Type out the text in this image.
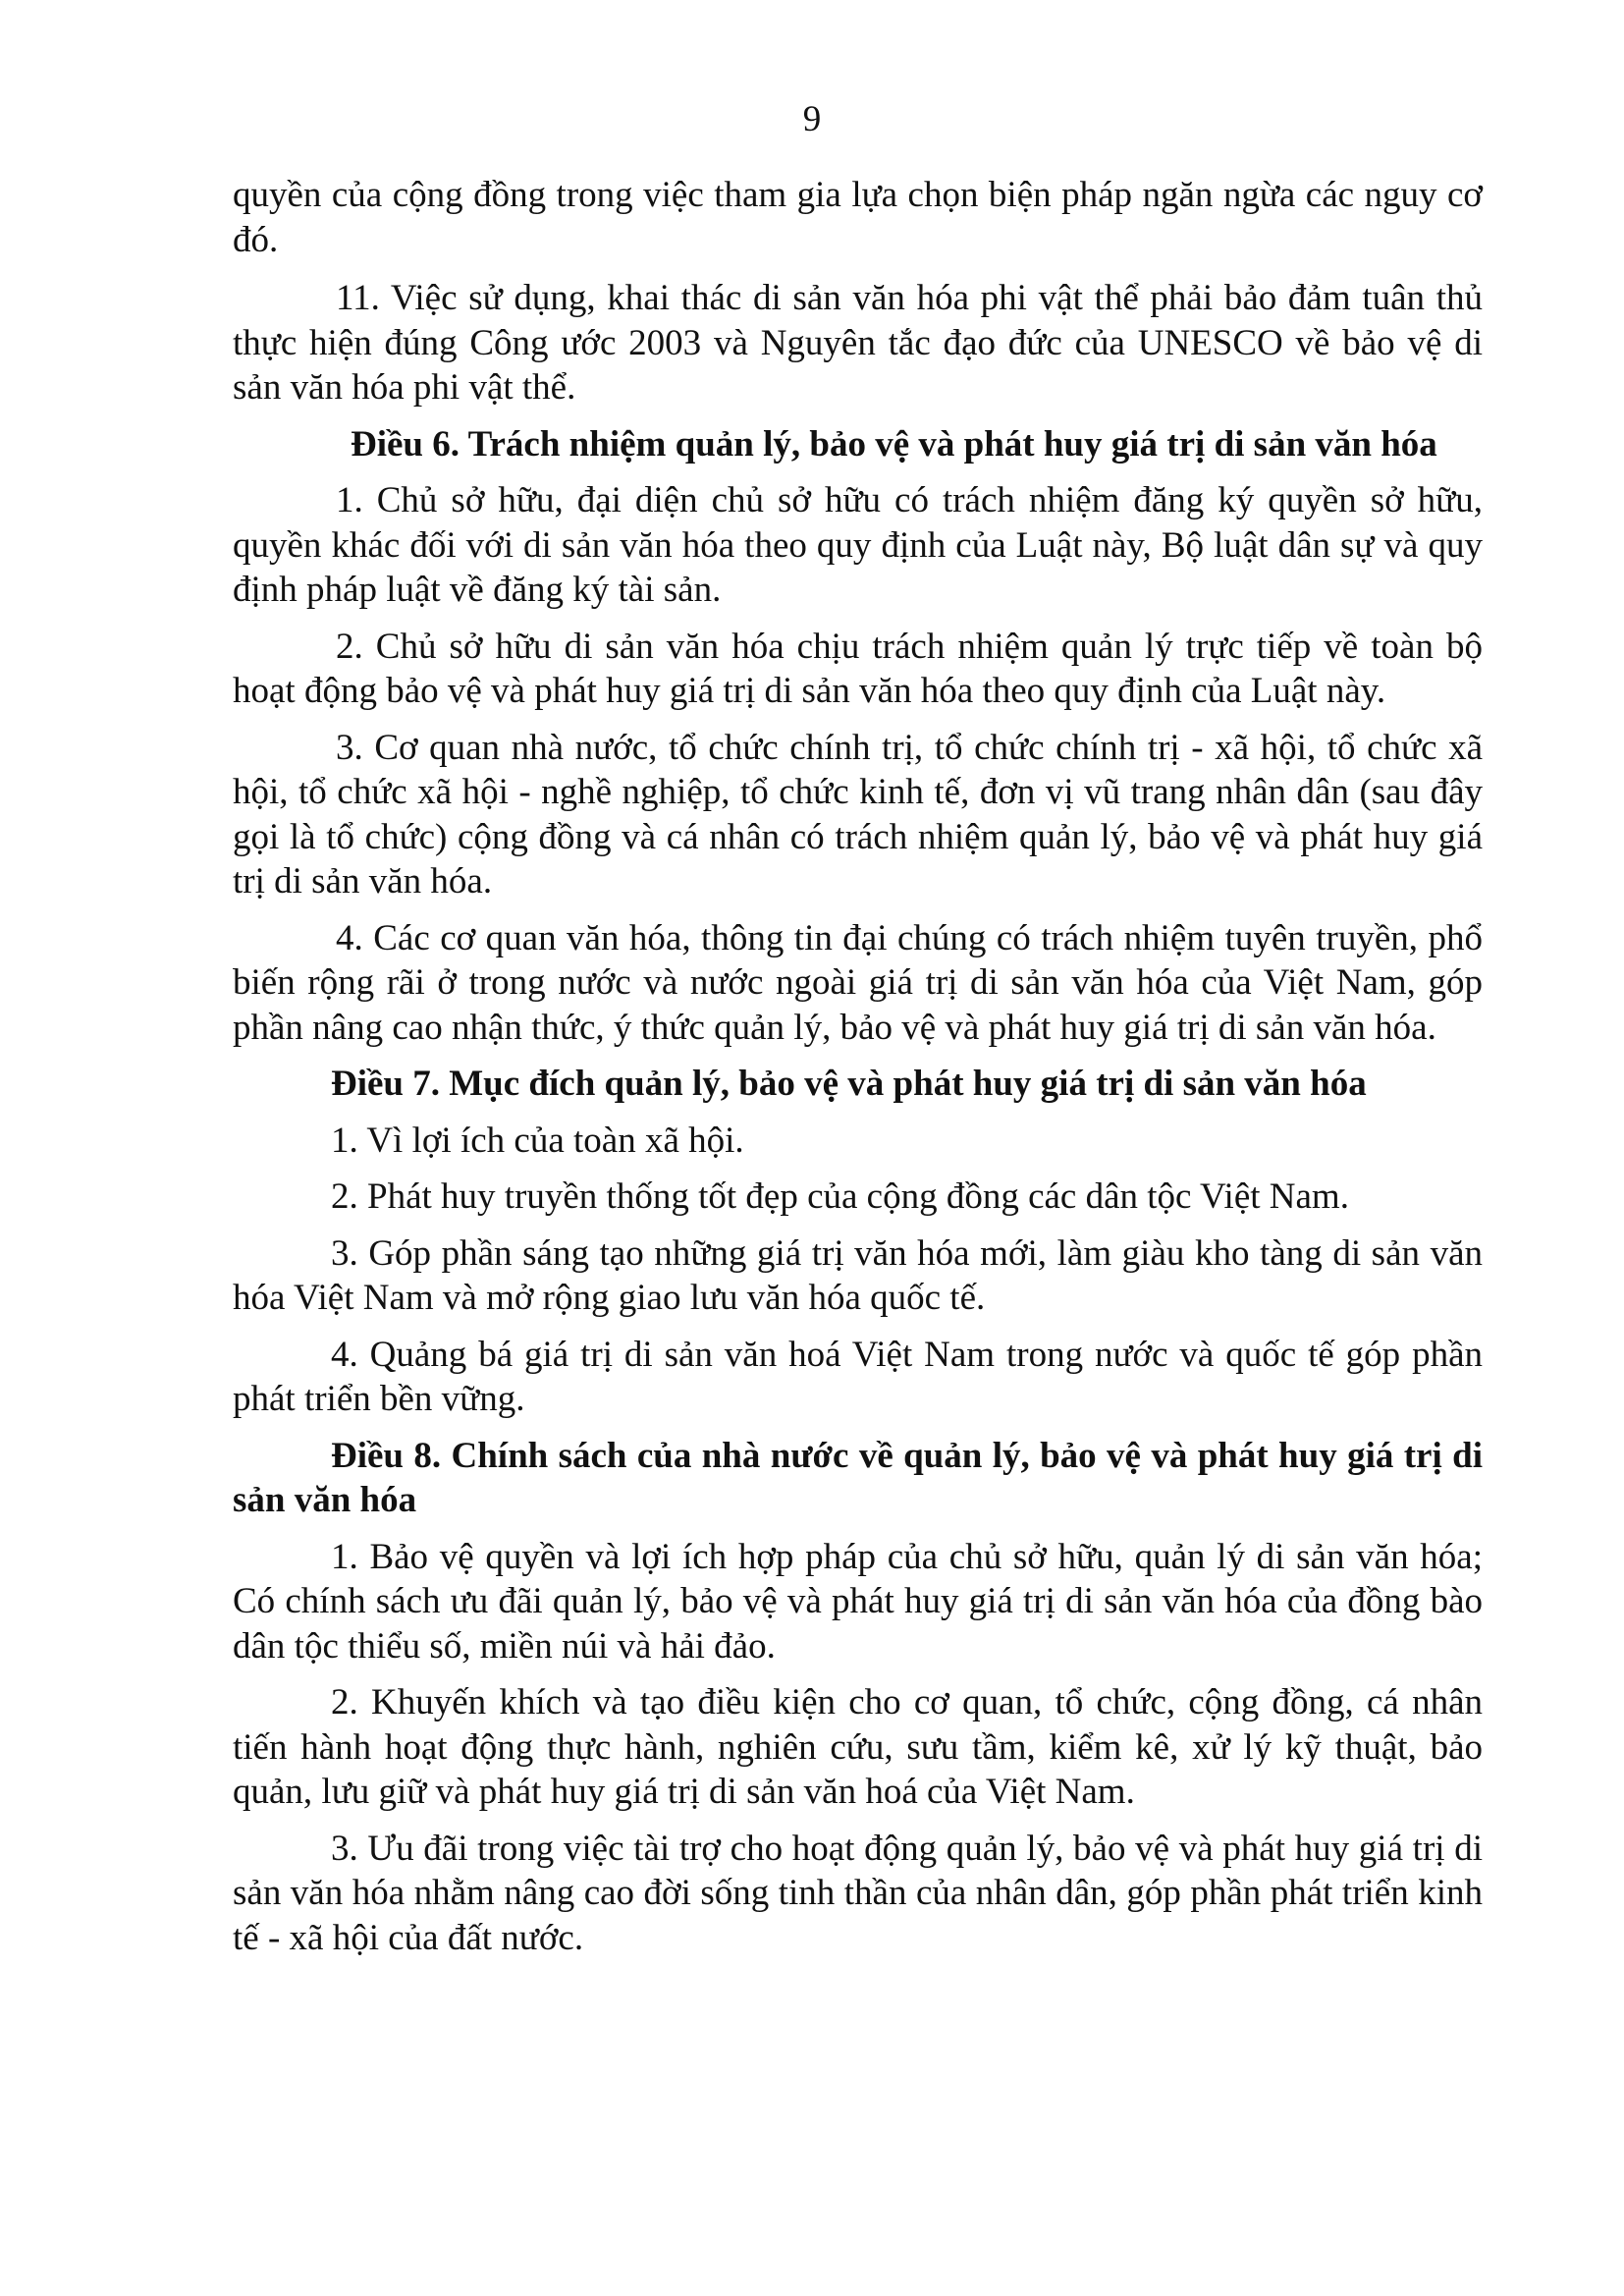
9

quyền của cộng đồng trong việc tham gia lựa chọn biện pháp ngăn ngừa các nguy cơ đó.

11. Việc sử dụng, khai thác di sản văn hóa phi vật thể phải bảo đảm tuân thủ thực hiện đúng Công ước 2003 và Nguyên tắc đạo đức của UNESCO về bảo vệ di sản văn hóa phi vật thể.

Điều 6. Trách nhiệm quản lý, bảo vệ và phát huy giá trị di sản văn hóa

1. Chủ sở hữu, đại diện chủ sở hữu có trách nhiệm đăng ký quyền sở hữu, quyền khác đối với di sản văn hóa theo quy định của Luật này, Bộ luật dân sự và quy định pháp luật về đăng ký tài sản.

2. Chủ sở hữu di sản văn hóa chịu trách nhiệm quản lý trực tiếp về toàn bộ hoạt động bảo vệ và phát huy giá trị di sản văn hóa theo quy định của Luật này.

3. Cơ quan nhà nước, tổ chức chính trị, tổ chức chính trị - xã hội, tổ chức xã hội, tổ chức xã hội - nghề nghiệp, tổ chức kinh tế, đơn vị vũ trang nhân dân (sau đây gọi là tổ chức) cộng đồng và cá nhân có trách nhiệm quản lý, bảo vệ và phát huy giá trị di sản văn hóa.

4. Các cơ quan văn hóa, thông tin đại chúng có trách nhiệm tuyên truyền, phổ biến rộng rãi ở trong nước và nước ngoài giá trị di sản văn hóa của Việt Nam, góp phần nâng cao nhận thức, ý thức quản lý, bảo vệ và phát huy giá trị di sản văn hóa.

Điều 7. Mục đích quản lý, bảo vệ và phát huy giá trị di sản văn hóa

1. Vì lợi ích của toàn xã hội.

2. Phát huy truyền thống tốt đẹp của cộng đồng các dân tộc Việt Nam.

3. Góp phần sáng tạo những giá trị văn hóa mới, làm giàu kho tàng di sản văn hóa Việt Nam và mở rộng giao lưu văn hóa quốc tế.

4. Quảng bá giá trị di sản văn hoá Việt Nam trong nước và quốc tế góp phần phát triển bền vững.

Điều 8. Chính sách của nhà nước về quản lý, bảo vệ và phát huy giá trị di sản văn hóa

1. Bảo vệ quyền và lợi ích hợp pháp của chủ sở hữu, quản lý di sản văn hóa; Có chính sách ưu đãi quản lý, bảo vệ và phát huy giá trị di sản văn hóa của đồng bào dân tộc thiểu số, miền núi và hải đảo.

2. Khuyến khích và tạo điều kiện cho cơ quan, tổ chức, cộng đồng, cá nhân tiến hành hoạt động thực hành, nghiên cứu, sưu tầm, kiểm kê, xử lý kỹ thuật, bảo quản, lưu giữ và phát huy giá trị di sản văn hoá của Việt Nam.

3. Ưu đãi trong việc tài trợ cho hoạt động quản lý, bảo vệ và phát huy giá trị di sản văn hóa nhằm nâng cao đời sống tinh thần của nhân dân, góp phần phát triển kinh tế - xã hội của đất nước.
